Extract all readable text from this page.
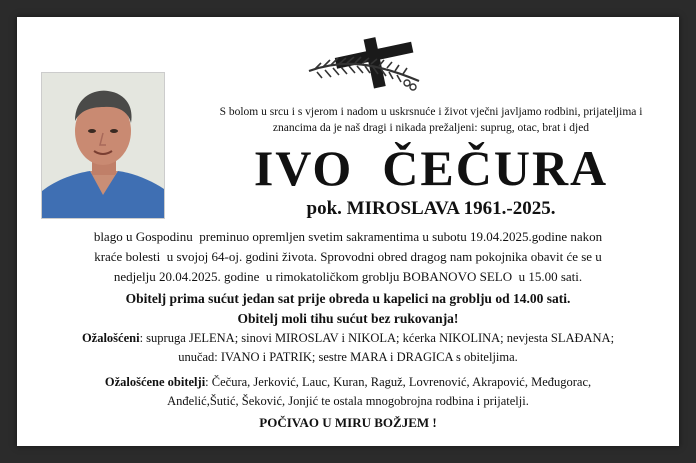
S bolom u srcu i s vjerom i nadom u uskrsnuće i život vječni javljamo rodbini, prijateljima i
znancima da je naš dragi i nikada prežaljeni: suprug, otac, brat i djed
IVO  ČEČURA
pok. MIROSLAVA 1961.-2025.
blago u Gospodinu  preminuo opremljen svetim sakramentima u subotu 19.04.2025.godine nakon
kraće bolesti  u svojoj 64-oj. godini života. Sprovodni obred dragog nam pokojnika obavit će se u
nedjelju 20.04.2025. godine  u rimokatoličkom groblju BOBANOVO SELO  u 15.00 sati.
Obitelj prima sućut jedan sat prije obreda u kapelici na groblju od 14.00 sati.
Obitelj moli tihu sućut bez rukovanja!
Ožalošćeni: supruga JELENA; sinovi MIROSLAV i NIKOLA; kćerka NIKOLINA; nevjesta SLAĐANA;
unučad: IVANO i PATRIK; sestre MARA i DRAGICA s obiteljima.
Ožalošćene obitelji: Čečura, Jerković, Lauc, Kuran, Raguž, Lovrenović, Akrapović, Međugorac,
Anđelić,Šutić, Šeković, Jonjić te ostala mnogobrojna rodbina i prijatelji.
POČIVAO U MIRU BOŽJEM !
